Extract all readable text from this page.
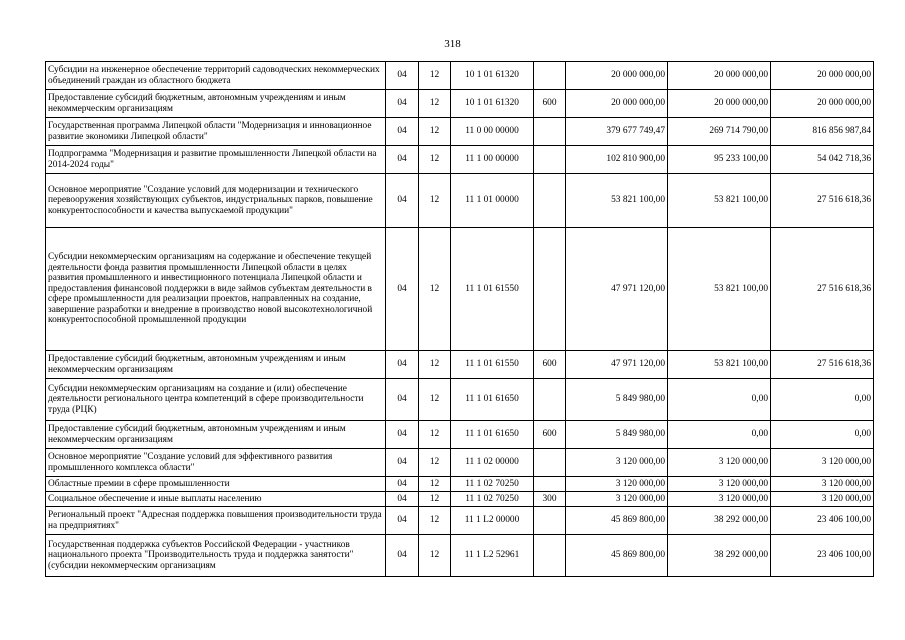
318
Субсидии на инженерное обеспечение территорий садоводческих некоммерческих объединений граждан из областного бюджета	04	12	10 1 01 61320		20 000 000,00	20 000 000,00	20 000 000,00
Предоставление субсидий бюджетным, автономным учреждениям и иным некоммерческим организациям	04	12	10 1 01 61320	600	20 000 000,00	20 000 000,00	20 000 000,00
Государственная программа Липецкой области "Модернизация и инновационное развитие экономики Липецкой области"	04	12	11 0 00 00000		379 677 749,47	269 714 790,00	816 856 987,84
Подпрограмма "Модернизация и развитие промышленности Липецкой области на 2014-2024 годы"	04	12	11 1 00 00000		102 810 900,00	95 233 100,00	54 042 718,36
Основное мероприятие "Создание условий для модернизации и технического перевооружения хозяйствующих субъектов, индустриальных парков, повышение конкурентоспособности и качества выпускаемой продукции"	04	12	11 1 01 00000		53 821 100,00	53 821 100,00	27 516 618,36
Субсидии некоммерческим организациям на содержание и обеспечение текущей деятельности фонда развития промышленности Липецкой области в целях развития промышленного и инвестиционного потенциала Липецкой области и предоставления финансовой поддержки в виде займов субъектам деятельности в сфере промышленности для реализации проектов, направленных на создание, завершение разработки и внедрение в производство новой высокотехнологичной конкурентоспособной промышленной продукции	04	12	11 1 01 61550		47 971 120,00	53 821 100,00	27 516 618,36
Предоставление субсидий бюджетным, автономным учреждениям и иным некоммерческим организациям	04	12	11 1 01 61550	600	47 971 120,00	53 821 100,00	27 516 618,36
Субсидии некоммерческим организациям на создание и (или) обеспечение деятельности регионального центра компетенций в сфере производительности труда (РЦК)	04	12	11 1 01 61650		5 849 980,00	0,00	0,00
Предоставление субсидий бюджетным, автономным учреждениям и иным некоммерческим организациям	04	12	11 1 01 61650	600	5 849 980,00	0,00	0,00
Основное мероприятие "Создание условий для эффективного развития промышленного комплекса области"	04	12	11 1 02 00000		3 120 000,00	3 120 000,00	3 120 000,00
Областные премии в сфере промышленности	04	12	11 1 02 70250		3 120 000,00	3 120 000,00	3 120 000,00
Социальное обеспечение и иные выплаты населению	04	12	11 1 02 70250	300	3 120 000,00	3 120 000,00	3 120 000,00
Региональный проект "Адресная поддержка повышения производительности труда на предприятиях"	04	12	11 1 L2 00000		45 869 800,00	38 292 000,00	23 406 100,00
Государственная поддержка субъектов Российской Федерации - участников национального проекта "Производительность труда и поддержка занятости" (субсидии некоммерческим организациям	04	12	11 1 L2 52961		45 869 800,00	38 292 000,00	23 406 100,00
